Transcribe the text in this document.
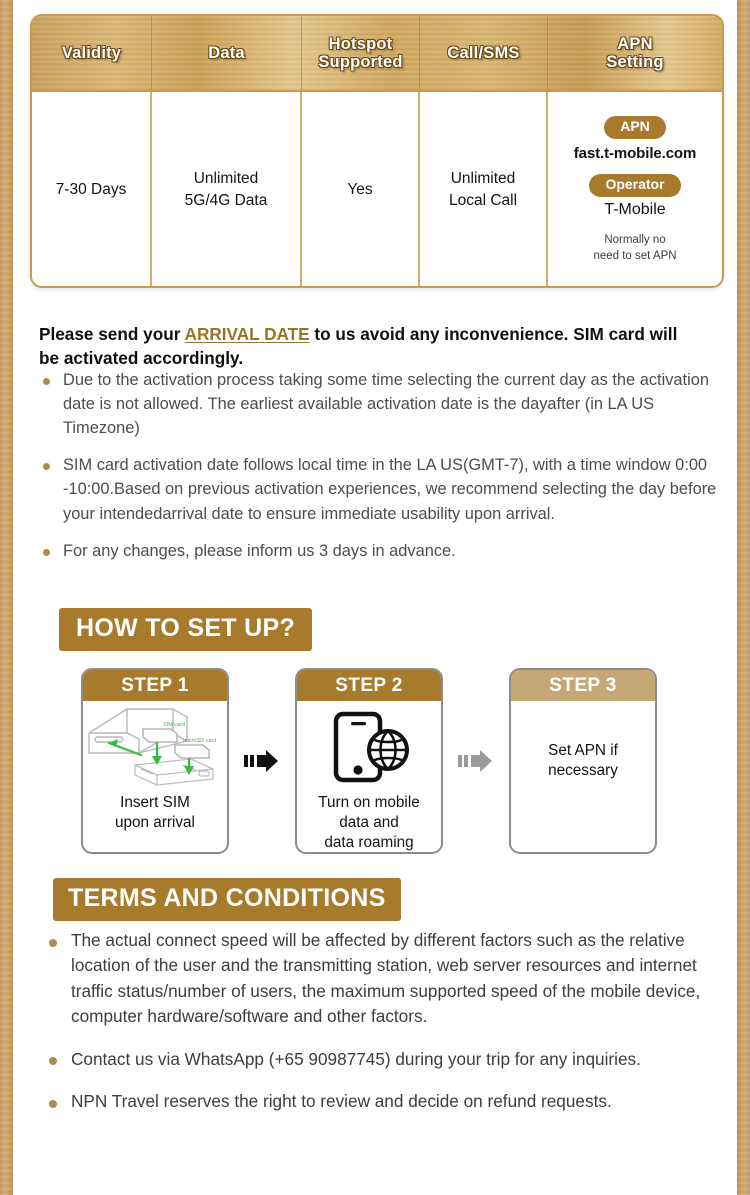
Validity	Data
Hotspot
Supported
Call/SMS
APN
Setting
7-30 Days
Unlimited
5G/4G Data
Yes
Unlimited
Local Call
APN
fast.t-mobile.com
Operator
T-Mobile
Normally no
need to set APN

Please send your ARRIVAL DATE to us avoid any inconvenience. SIM card will be activated accordingly.

Due to the activation process taking some time selecting the current day as the activation date is not allowed. The earliest available activation date is the dayafter (in LA US Timezone)
SIM card activation date follows local time in the LA US(GMT-7), with a time window 0:00 -10:00.Based on previous activation experiences, we recommend selecting the day before your intendedarrival date to ensure immediate usability upon arrival.
For any changes, please inform us 3 days in advance.
HOW TO SET UP?
STEP 1
SIM card
microSD card
Insert SIM
upon arrival
STEP 2
Turn on mobile
data and
data roaming
STEP 3
Set APN if
necessary
TERMS AND CONDITIONS
The actual connect speed will be affected by different factors such as the relative location of the user and the transmitting station, web server resources and internet traffic status/number of users, the maximum supported speed of the mobile device, computer hardware/software and other factors.
Contact us via WhatsApp (+65 90987745) during your trip for any inquiries.
NPN Travel reserves the right to review and decide on refund requests.
